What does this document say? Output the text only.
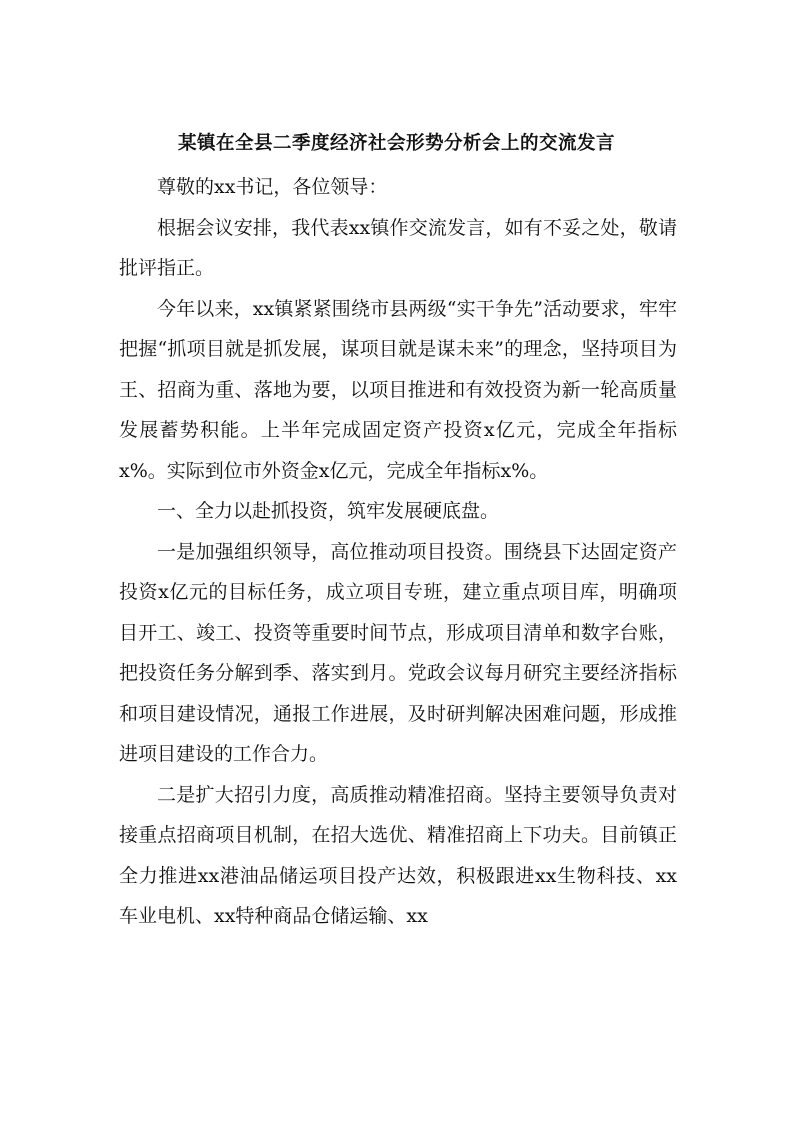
某镇在全县二季度经济社会形势分析会上的交流发言

尊敬的xx书记，各位领导：

根据会议安排，我代表xx镇作交流发言，如有不妥之处，敬请批评指正。

今年以来，xx镇紧紧围绕市县两级“实干争先”活动要求，牢牢把握“抓项目就是抓发展，谋项目就是谋未来”的理念，坚持项目为王、招商为重、落地为要，以项目推进和有效投资为新一轮高质量发展蓄势积能。上半年完成固定资产投资x亿元，完成全年指标x%。实际到位市外资金x亿元，完成全年指标x%。

一、全力以赴抓投资，筑牢发展硬底盘。

一是加强组织领导，高位推动项目投资。围绕县下达固定资产投资x亿元的目标任务，成立项目专班，建立重点项目库，明确项目开工、竣工、投资等重要时间节点，形成项目清单和数字台账，把投资任务分解到季、落实到月。党政会议每月研究主要经济指标和项目建设情况，通报工作进展，及时研判解决困难问题，形成推进项目建设的工作合力。

二是扩大招引力度，高质推动精准招商。坚持主要领导负责对接重点招商项目机制，在招大选优、精准招商上下功夫。目前镇正全力推进xx港油品储运项目投产达效，积极跟进xx生物科技、xx车业电机、xx特种商品仓储运输、xx
